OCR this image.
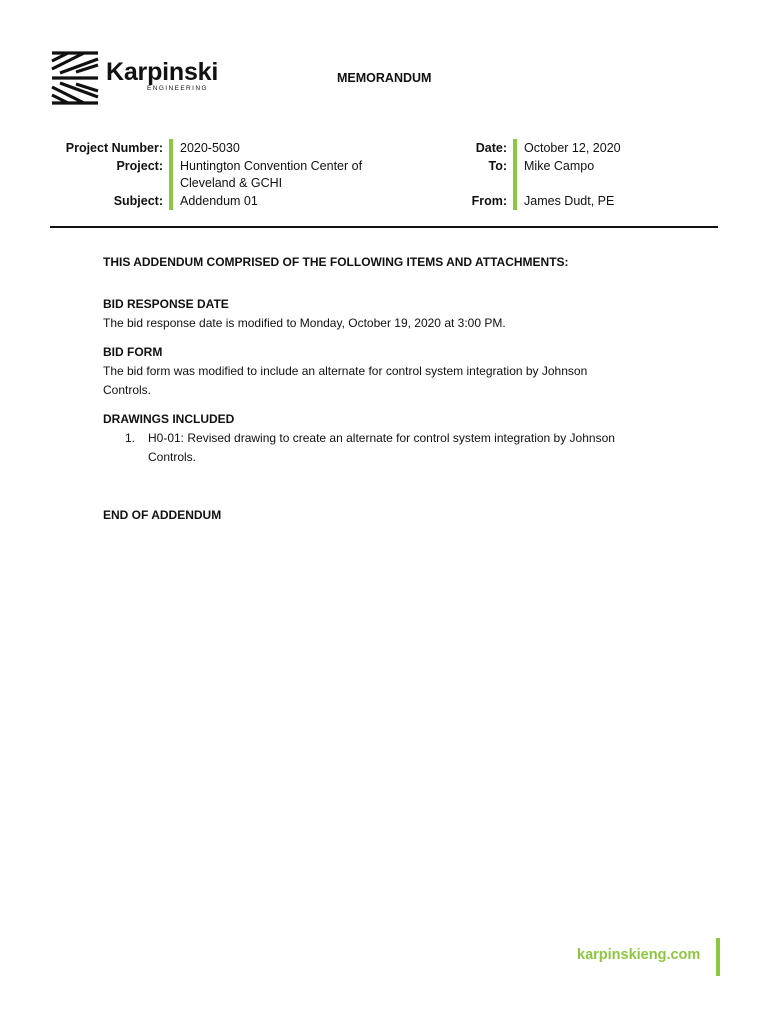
Karpinski
ENGINEERING
MEMORANDUM
Project Number:
Project:
Subject:
2020-5030
Huntington Convention Center of
Cleveland & GCHI
Addendum 01
Date:
To:
From:
October 12, 2020
Mike Campo
James Dudt, PE
THIS ADDENDUM COMPRISED OF THE FOLLOWING ITEMS AND ATTACHMENTS:
BID RESPONSE DATE
The bid response date is modified to Monday, October 19, 2020 at 3:00 PM.
BID FORM
The bid form was modified to include an alternate for control system integration by Johnson
Controls.
DRAWINGS INCLUDED
1. H0-01: Revised drawing to create an alternate for control system integration by Johnson
Controls.
END OF ADDENDUM
karpinskieng.com
